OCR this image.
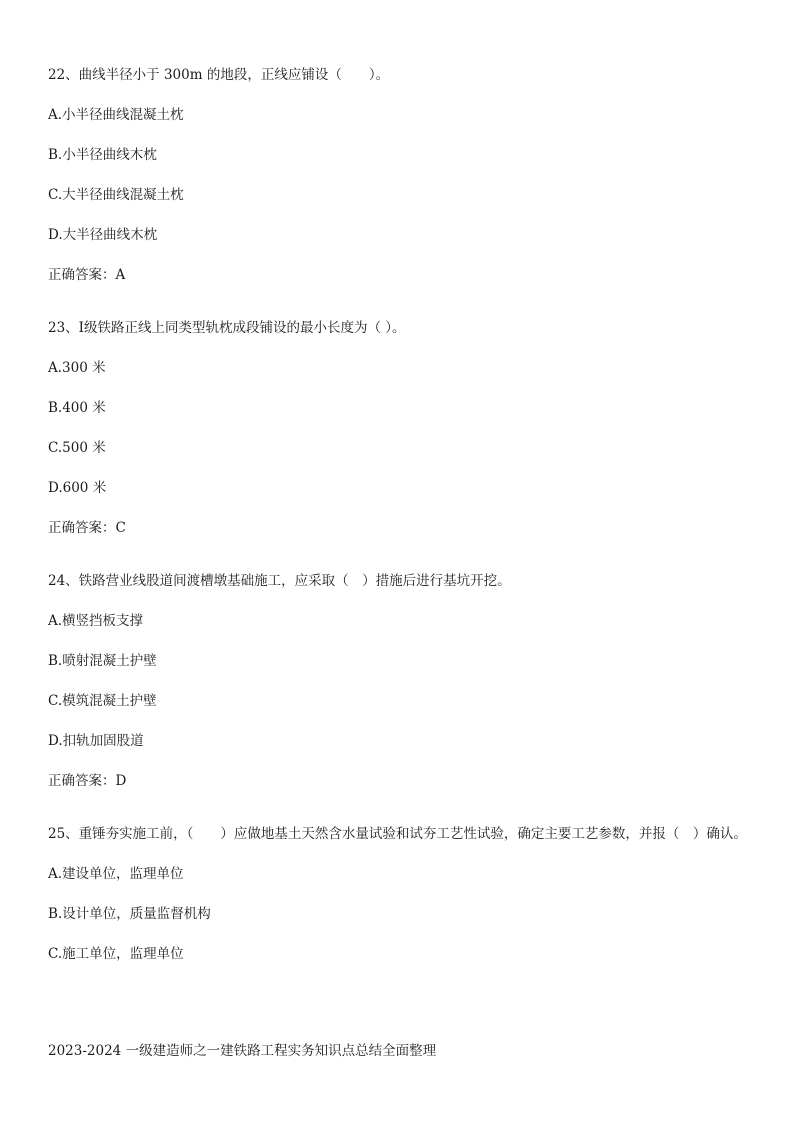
22、曲线半径小于 300m 的地段，正线应铺设（　　）。

A.小半径曲线混凝土枕

B.小半径曲线木枕

C.大半径曲线混凝土枕

D.大半径曲线木枕

正确答案：A

23、Ⅰ级铁路正线上同类型轨枕成段铺设的最小长度为（ ）。

A.300 米

B.400 米

C.500 米

D.600 米

正确答案：C

24、铁路营业线股道间渡槽墩基础施工，应采取（　）措施后进行基坑开挖。

A.横竖挡板支撑

B.喷射混凝土护壁

C.模筑混凝土护壁

D.扣轨加固股道

正确答案：D

25、重锤夯实施工前，（　　）应做地基土天然含水量试验和试夯工艺性试验，确定主要工艺参数，并报（　）确认。

A.建设单位，监理单位

B.设计单位，质量监督机构

C.施工单位，监理单位

2023-2024 一级建造师之一建铁路工程实务知识点总结全面整理
